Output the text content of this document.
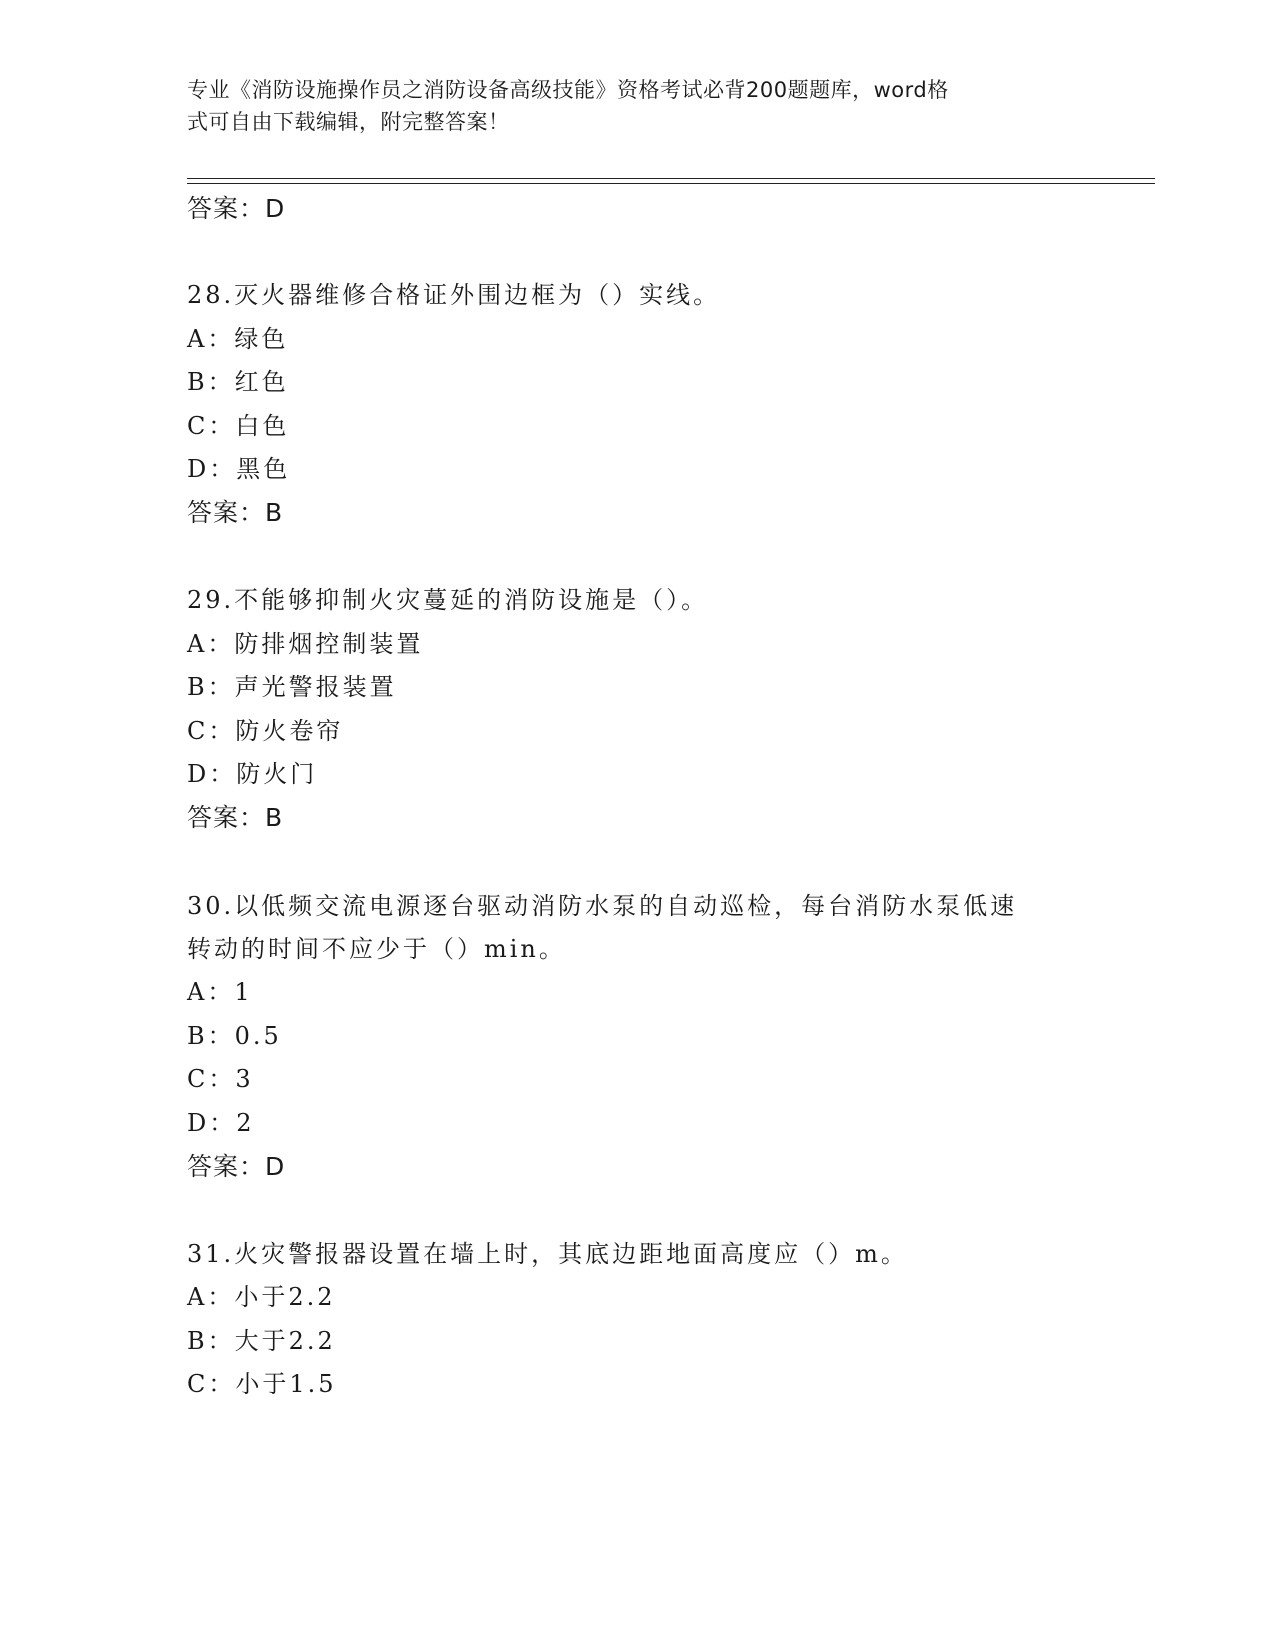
专业《消防设施操作员之消防设备高级技能》资格考试必背200题题库，word格
式可自由下载编辑，附完整答案！
答案：D
28.灭火器维修合格证外围边框为（）实线。
A：绿色
B：红色
C：白色
D：黑色
答案：B
29.不能够抑制火灾蔓延的消防设施是（）。
A：防排烟控制装置
B：声光警报装置
C：防火卷帘
D：防火门
答案：B
30.以低频交流电源逐台驱动消防水泵的自动巡检，每台消防水泵低速
转动的时间不应少于（）min。
A：1
B：0.5
C：3
D：2
答案：D
31.火灾警报器设置在墙上时，其底边距地面高度应（）m。
A：小于2.2
B：大于2.2
C：小于1.5
